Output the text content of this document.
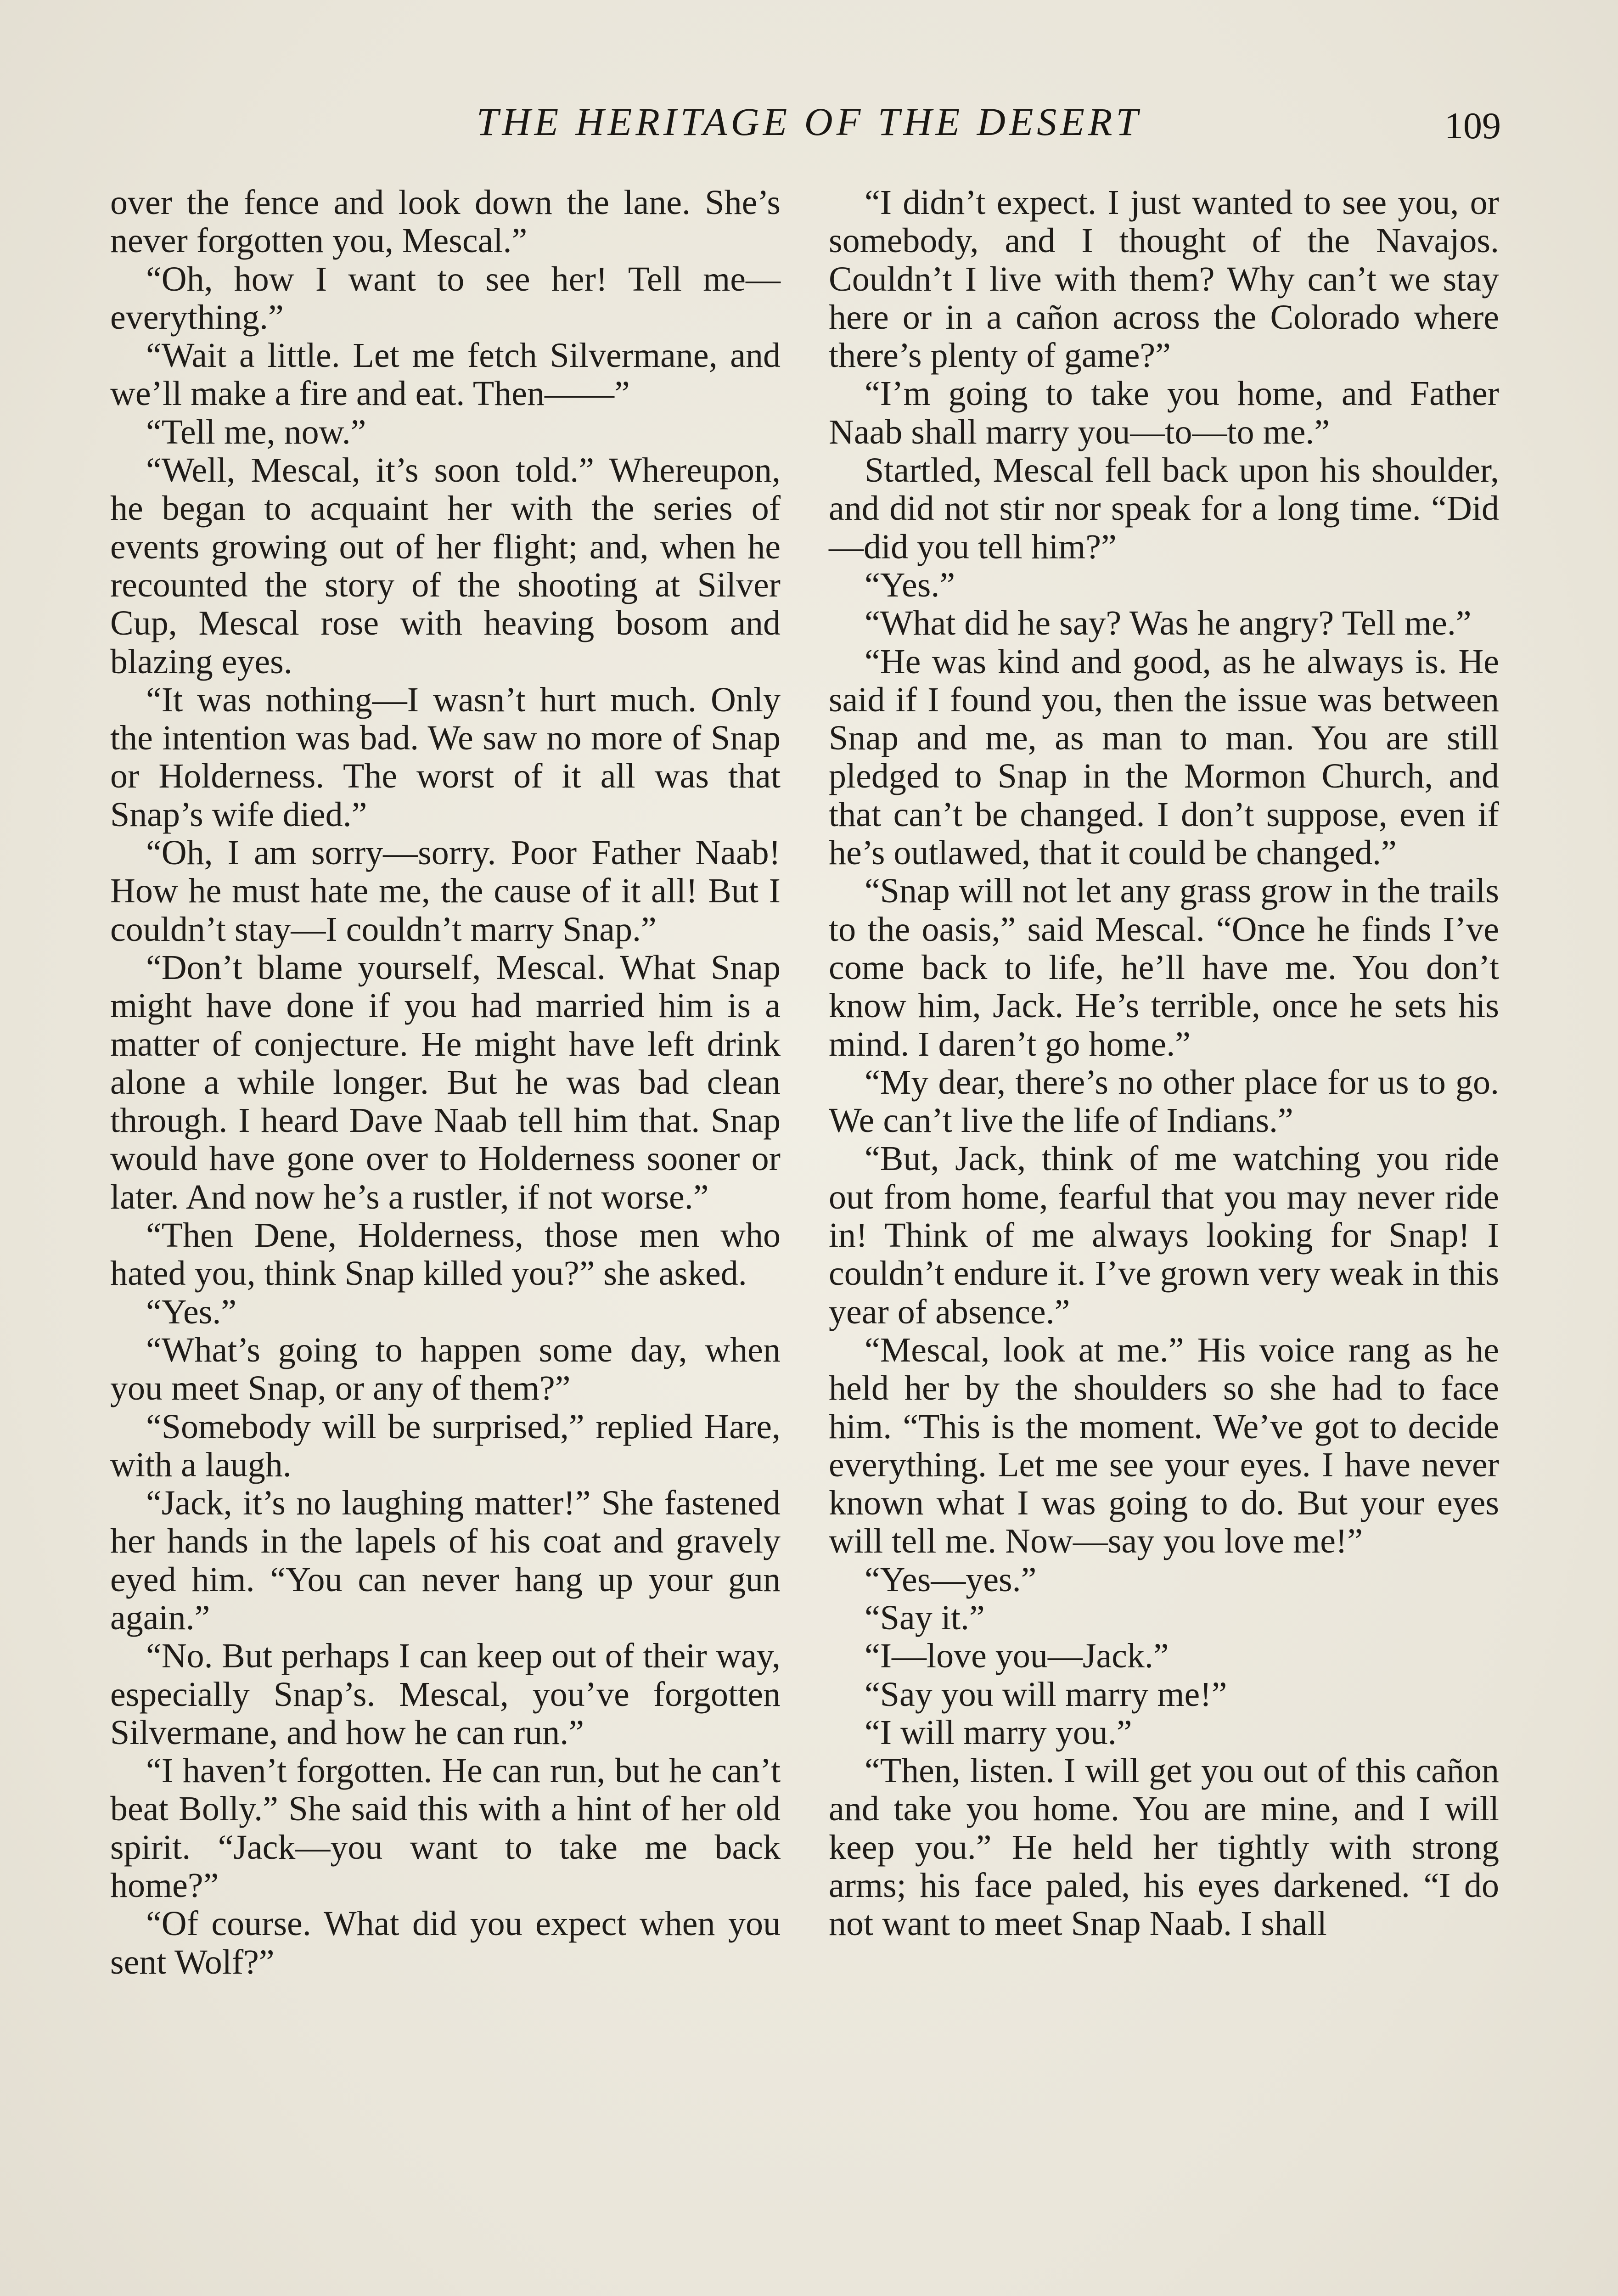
THE HERITAGE OF THE DESERT	109

over the fence and look down the lane. She’s never forgotten you, Mescal.”

“Oh, how I want to see her! Tell me—everything.”

“Wait a little. Let me fetch Silvermane, and we’ll make a fire and eat. Then——”

“Tell me, now.”

“Well, Mescal, it’s soon told.” Whereupon, he began to acquaint her with the series of events growing out of her flight; and, when he recounted the story of the shooting at Silver Cup, Mescal rose with heaving bosom and blazing eyes.

“It was nothing—I wasn’t hurt much. Only the intention was bad. We saw no more of Snap or Holderness. The worst of it all was that Snap’s wife died.”

“Oh, I am sorry—sorry. Poor Father Naab! How he must hate me, the cause of it all! But I couldn’t stay—I couldn’t marry Snap.”

“Don’t blame yourself, Mescal. What Snap might have done if you had married him is a matter of conjecture. He might have left drink alone a while longer. But he was bad clean through. I heard Dave Naab tell him that. Snap would have gone over to Holderness sooner or later. And now he’s a rustler, if not worse.”

“Then Dene, Holderness, those men who hated you, think Snap killed you?” she asked.

“Yes.”

“What’s going to happen some day, when you meet Snap, or any of them?”

“Somebody will be surprised,” replied Hare, with a laugh.

“Jack, it’s no laughing matter!” She fastened her hands in the lapels of his coat and gravely eyed him. “You can never hang up your gun again.”

“No. But perhaps I can keep out of their way, especially Snap’s. Mescal, you’ve forgotten Silvermane, and how he can run.”

“I haven’t forgotten. He can run, but he can’t beat Bolly.” She said this with a hint of her old spirit. “Jack—you want to take me back home?”

“Of course. What did you expect when you sent Wolf?”

“I didn’t expect. I just wanted to see you, or somebody, and I thought of the Navajos. Couldn’t I live with them? Why can’t we stay here or in a cañon across the Colorado where there’s plenty of game?”

“I’m going to take you home, and Father Naab shall marry you—to—to me.”

Startled, Mescal fell back upon his shoulder, and did not stir nor speak for a long time. “Did—did you tell him?”

“Yes.”

“What did he say? Was he angry? Tell me.”

“He was kind and good, as he always is. He said if I found you, then the issue was between Snap and me, as man to man. You are still pledged to Snap in the Mormon Church, and that can’t be changed. I don’t suppose, even if he’s outlawed, that it could be changed.”

“Snap will not let any grass grow in the trails to the oasis,” said Mescal. “Once he finds I’ve come back to life, he’ll have me. You don’t know him, Jack. He’s terrible, once he sets his mind. I daren’t go home.”

“My dear, there’s no other place for us to go. We can’t live the life of Indians.”

“But, Jack, think of me watching you ride out from home, fearful that you may never ride in! Think of me always looking for Snap! I couldn’t endure it. I’ve grown very weak in this year of absence.”

“Mescal, look at me.” His voice rang as he held her by the shoulders so she had to face him. “This is the moment. We’ve got to decide everything. Let me see your eyes. I have never known what I was going to do. But your eyes will tell me. Now—say you love me!”

“Yes—yes.”

“Say it.”

“I—love you—Jack.”

“Say you will marry me!”

“I will marry you.”

“Then, listen. I will get you out of this cañon and take you home. You are mine, and I will keep you.” He held her tightly with strong arms; his face paled, his eyes darkened. “I do not want to meet Snap Naab. I shall
